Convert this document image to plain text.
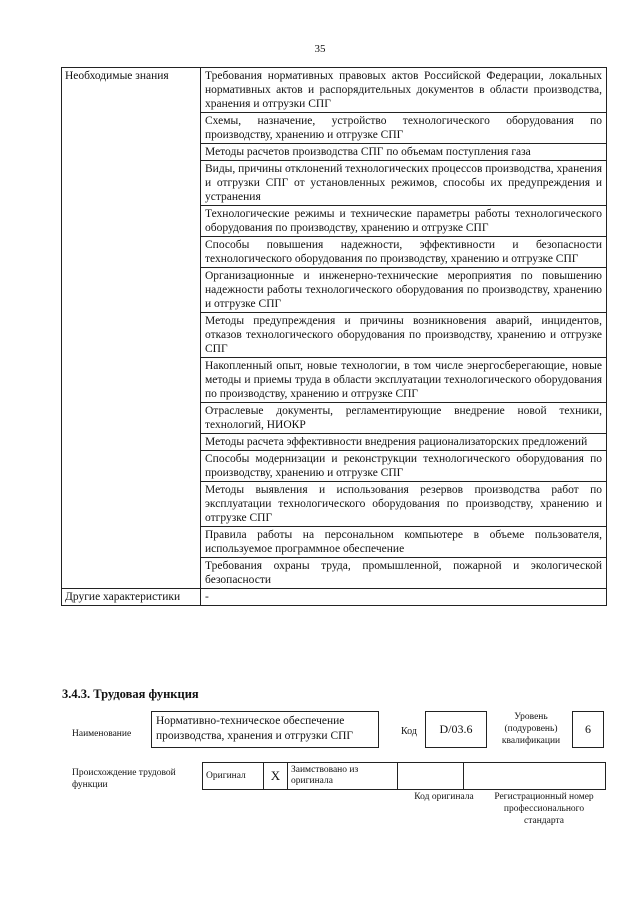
35
Необходимые знания	Требования нормативных правовых актов Российской Федерации, локальных нормативных актов и распорядительных документов в области производства, хранения и отгрузки СПГ
	Схемы, назначение, устройство технологического оборудования по производству, хранению и отгрузке СПГ
	Методы расчетов производства СПГ по объемам поступления газа
	Виды, причины отклонений технологических процессов производства, хранения и отгрузки СПГ от установленных режимов, способы их предупреждения и устранения
	Технологические режимы и технические параметры работы технологического оборудования по производству, хранению и отгрузке СПГ
	Способы повышения надежности, эффективности и безопасности технологического оборудования по производству, хранению и отгрузке СПГ
	Организационные и инженерно-технические мероприятия по повышению надежности работы технологического оборудования по производству, хранению и отгрузке СПГ
	Методы предупреждения и причины возникновения аварий, инцидентов, отказов технологического оборудования по производству, хранению и отгрузке СПГ
	Накопленный опыт, новые технологии, в том числе энергосберегающие, новые методы и приемы труда в области эксплуатации технологического оборудования по производству, хранению и отгрузке СПГ
	Отраслевые документы, регламентирующие внедрение новой техники, технологий, НИОКР
	Методы расчета эффективности внедрения рационализаторских предложений
	Способы модернизации и реконструкции технологического оборудования по производству, хранению и отгрузке СПГ
	Методы выявления и использования резервов производства работ по эксплуатации технологического оборудования по производству, хранению и отгрузке СПГ
	Правила работы на персональном компьютере в объеме пользователя, используемое программное обеспечение
	Требования охраны труда, промышленной, пожарной и экологической безопасности
Другие характеристики	-
3.4.3. Трудовая функция
Наименование
Нормативно-техническое обеспечение производства, хранения и отгрузки СПГ	Код	D/03.6
Уровень (подуровень) квалификации
6
Происхождение трудовой функции
Оригинал	X	Заимствовано из оригинала		
Код оригинала	Регистрационный номер профессионального стандарта
